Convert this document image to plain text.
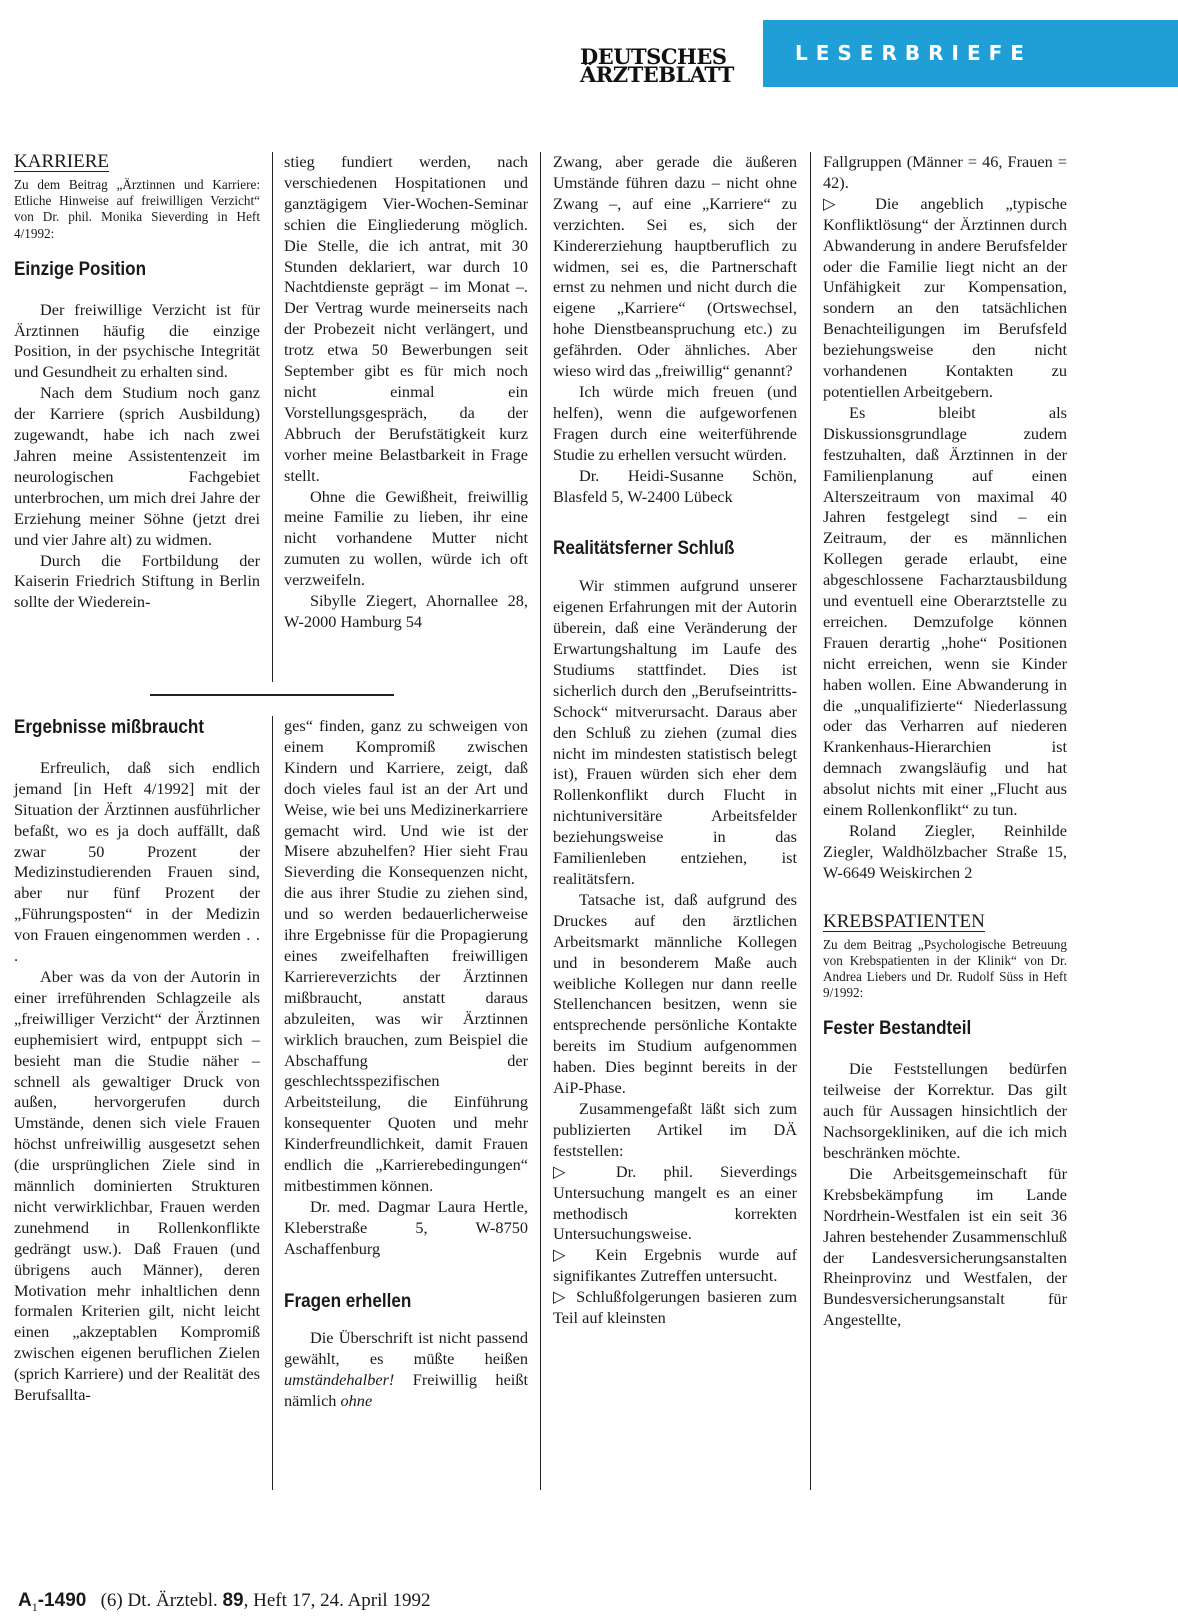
DEUTSCHES
ÄRZTEBLATT
LESERBRIEFE
KARRIERE

Zu dem Beitrag „Ärztinnen und Karriere: Etliche Hinweise auf freiwilligen Verzicht“ von Dr. phil. Monika Sieverding in Heft 4/1992:

Einzige Position

Der freiwillige Verzicht ist für Ärztinnen häufig die einzige Position, in der psychische Integrität und Gesundheit zu erhalten sind.

Nach dem Studium noch ganz der Karriere (sprich Ausbildung) zugewandt, habe ich nach zwei Jahren meine Assistentenzeit im neurologischen Fachgebiet unterbrochen, um mich drei Jahre der Erziehung meiner Söhne (jetzt drei und vier Jahre alt) zu widmen.

Durch die Fortbildung der Kaiserin Friedrich Stiftung in Berlin sollte der Wiederein-

stieg fundiert werden, nach verschiedenen Hospitationen und ganztägigem Vier-Wochen-Seminar schien die Eingliederung möglich. Die Stelle, die ich antrat, mit 30 Stunden deklariert, war durch 10 Nachtdienste geprägt – im Monat –. Der Vertrag wurde meinerseits nach der Probezeit nicht verlängert, und trotz etwa 50 Bewerbungen seit September gibt es für mich noch nicht einmal ein Vorstellungsgespräch, da der Abbruch der Berufstätigkeit kurz vorher meine Belastbarkeit in Frage stellt.

Ohne die Gewißheit, freiwillig meine Familie zu lieben, ihr eine nicht vorhandene Mutter nicht zumuten zu wollen, würde ich oft verzweifeln.

Sibylle Ziegert, Ahornallee 28, W-2000 Hamburg 54

Ergebnisse mißbraucht

Erfreulich, daß sich endlich jemand [in Heft 4/1992] mit der Situation der Ärztinnen ausführlicher befaßt, wo es ja doch auffällt, daß zwar 50 Prozent der Medizinstudierenden Frauen sind, aber nur fünf Prozent der „Führungsposten“ in der Medizin von Frauen eingenommen werden . . .

Aber was da von der Autorin in einer irreführenden Schlagzeile als „freiwilliger Verzicht“ der Ärztinnen euphemisiert wird, entpuppt sich – besieht man die Studie näher – schnell als gewaltiger Druck von außen, hervorgerufen durch Umstände, denen sich viele Frauen höchst unfreiwillig ausgesetzt sehen (die ursprünglichen Ziele sind in männlich dominierten Strukturen nicht verwirklichbar, Frauen werden zunehmend in Rollenkonflikte gedrängt usw.). Daß Frauen (und übrigens auch Männer), deren Motivation mehr inhaltlichen denn formalen Kriterien gilt, nicht leicht einen „akzeptablen Kompromiß zwischen eigenen beruflichen Zielen (sprich Karriere) und der Realität des Berufsallta-

ges“ finden, ganz zu schweigen von einem Kompromiß zwischen Kindern und Karriere, zeigt, daß doch vieles faul ist an der Art und Weise, wie bei uns Medizinerkarriere gemacht wird. Und wie ist der Misere abzuhelfen? Hier sieht Frau Sieverding die Konsequenzen nicht, die aus ihrer Studie zu ziehen sind, und so werden bedauerlicherweise ihre Ergebnisse für die Propagierung eines zweifelhaften freiwilligen Karriereverzichts der Ärztinnen mißbraucht, anstatt daraus abzuleiten, was wir Ärztinnen wirklich brauchen, zum Beispiel die Abschaffung der geschlechtsspezifischen Arbeitsteilung, die Einführung konsequenter Quoten und mehr Kinderfreundlichkeit, damit Frauen endlich die „Karrierebedingungen“ mitbestimmen können.

Dr. med. Dagmar Laura Hertle, Kleberstraße 5, W-8750 Aschaffenburg

Fragen erhellen

Die Überschrift ist nicht passend gewählt, es müßte heißen umständehalber! Freiwillig heißt nämlich ohne

Zwang, aber gerade die äußeren Umstände führen dazu – nicht ohne Zwang –, auf eine „Karriere“ zu verzichten. Sei es, sich der Kindererziehung hauptberuflich zu widmen, sei es, die Partnerschaft ernst zu nehmen und nicht durch die eigene „Karriere“ (Ortswechsel, hohe Dienstbeanspruchung etc.) zu gefährden. Oder ähnliches. Aber wieso wird das „freiwillig“ genannt?

Ich würde mich freuen (und helfen), wenn die aufgeworfenen Fragen durch eine weiterführende Studie zu erhellen versucht würden.

Dr. Heidi-Susanne Schön, Blasfeld 5, W-2400 Lübeck

Realitätsferner Schluß

Wir stimmen aufgrund unserer eigenen Erfahrungen mit der Autorin überein, daß eine Veränderung der Erwartungshaltung im Laufe des Studiums stattfindet. Dies ist sicherlich durch den „Berufseintritts-Schock“ mitverursacht. Daraus aber den Schluß zu ziehen (zumal dies nicht im mindesten statistisch belegt ist), Frauen würden sich eher dem Rollenkonflikt durch Flucht in nichtuniversitäre Arbeitsfelder beziehungsweise in das Familienleben entziehen, ist realitätsfern.

Tatsache ist, daß aufgrund des Druckes auf den ärztlichen Arbeitsmarkt männliche Kollegen und in besonderem Maße auch weibliche Kollegen nur dann reelle Stellenchancen besitzen, wenn sie entsprechende persönliche Kontakte bereits im Studium aufgenommen haben. Dies beginnt bereits in der AiP-Phase.

Zusammengefaßt läßt sich zum publizierten Artikel im DÄ feststellen:

▷ Dr. phil. Sieverdings Untersuchung mangelt es an einer methodisch korrekten Untersuchungsweise.

▷ Kein Ergebnis wurde auf signifikantes Zutreffen untersucht.

▷ Schlußfolgerungen basieren zum Teil auf kleinsten

Fallgruppen (Männer = 46, Frauen = 42).

▷ Die angeblich „typische Konfliktlösung“ der Ärztinnen durch Abwanderung in andere Berufsfelder oder die Familie liegt nicht an der Unfähigkeit zur Kompensation, sondern an den tatsächlichen Benachteiligungen im Berufsfeld beziehungsweise den nicht vorhandenen Kontakten zu potentiellen Arbeitgebern.

Es bleibt als Diskussionsgrundlage zudem festzuhalten, daß Ärztinnen in der Familienplanung auf einen Alterszeitraum von maximal 40 Jahren festgelegt sind – ein Zeitraum, der es männlichen Kollegen gerade erlaubt, eine abgeschlossene Facharztausbildung und eventuell eine Oberarztstelle zu erreichen. Demzufolge können Frauen derartig „hohe“ Positionen nicht erreichen, wenn sie Kinder haben wollen. Eine Abwanderung in die „unqualifizierte“ Niederlassung oder das Verharren auf niederen Krankenhaus-Hierarchien ist demnach zwangsläufig und hat absolut nichts mit einer „Flucht aus einem Rollenkonflikt“ zu tun.

Roland Ziegler, Reinhilde Ziegler, Waldhölzbacher Straße 15, W-6649 Weiskirchen 2

KREBSPATIENTEN

Zu dem Beitrag „Psychologische Betreuung von Krebspatienten in der Klinik“ von Dr. Andrea Liebers und Dr. Rudolf Süss in Heft 9/1992:

Fester Bestandteil

Die Feststellungen bedürfen teilweise der Korrektur. Das gilt auch für Aussagen hinsichtlich der Nachsorgekliniken, auf die ich mich beschränken möchte.

Die Arbeitsgemeinschaft für Krebsbekämpfung im Lande Nordrhein-Westfalen ist ein seit 36 Jahren bestehender Zusammenschluß der Landesversicherungsanstalten Rheinprovinz und Westfalen, der Bundesversicherungsanstalt für Angestellte,

$A_1-1490$ (6) Dt. Ärztebl. 89, Heft 17, 24. April 1992
